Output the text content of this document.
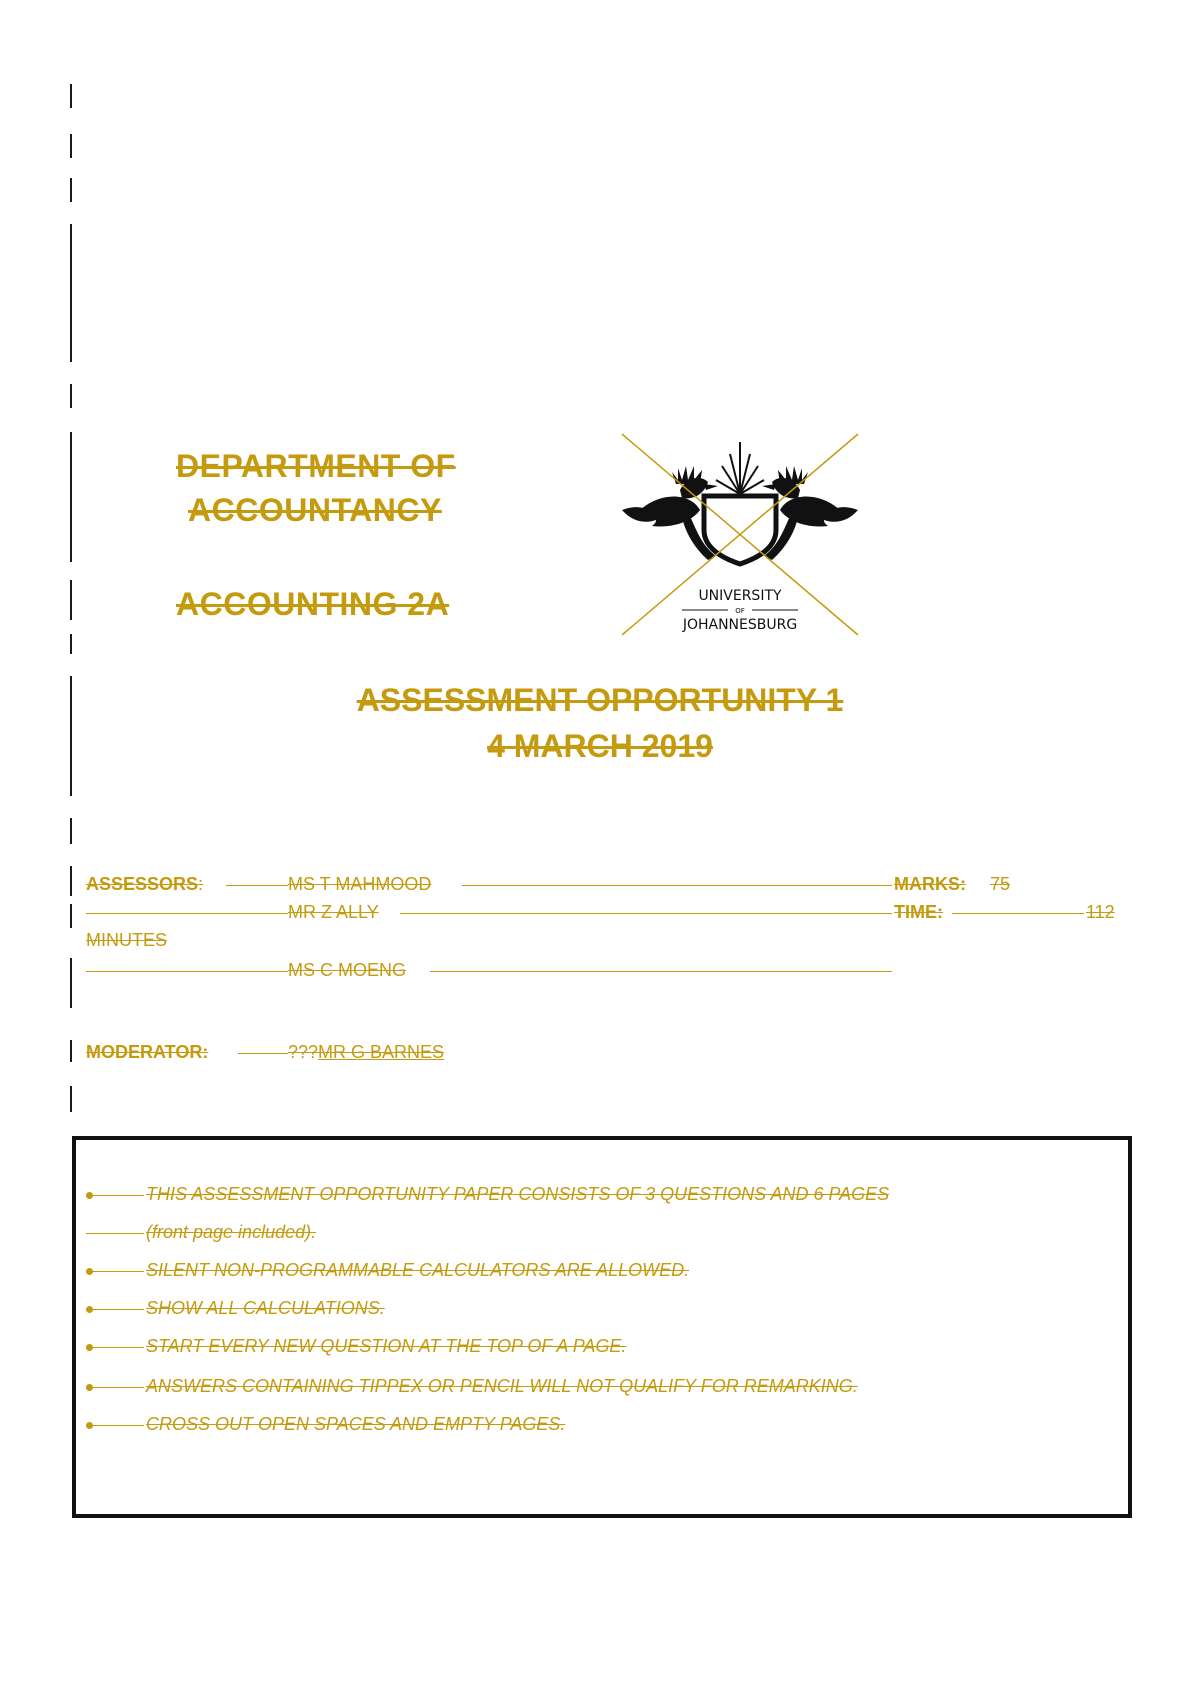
DEPARTMENT OF
ACCOUNTANCY
ACCOUNTING 2A	UNIVERSITY
OF
JOHANNESBURG
ASSESSMENT OPPORTUNITY 1
4 MARCH 2019
ASSESSORS:	MS T MAHMOOD	MARKS: 75
MR Z ALLY	TIME:	112
MINUTES
MS C MOENG
MODERATOR:	???MR G BARNES
THIS ASSESSMENT OPPORTUNITY PAPER CONSISTS OF 3 QUESTIONS AND 6 PAGES
(front page included).
SILENT NON-PROGRAMMABLE CALCULATORS ARE ALLOWED.
SHOW ALL CALCULATIONS.
START EVERY NEW QUESTION AT THE TOP OF A PAGE.
ANSWERS CONTAINING TIPPEX OR PENCIL WILL NOT QUALIFY FOR REMARKING.
CROSS OUT OPEN SPACES AND EMPTY PAGES.
